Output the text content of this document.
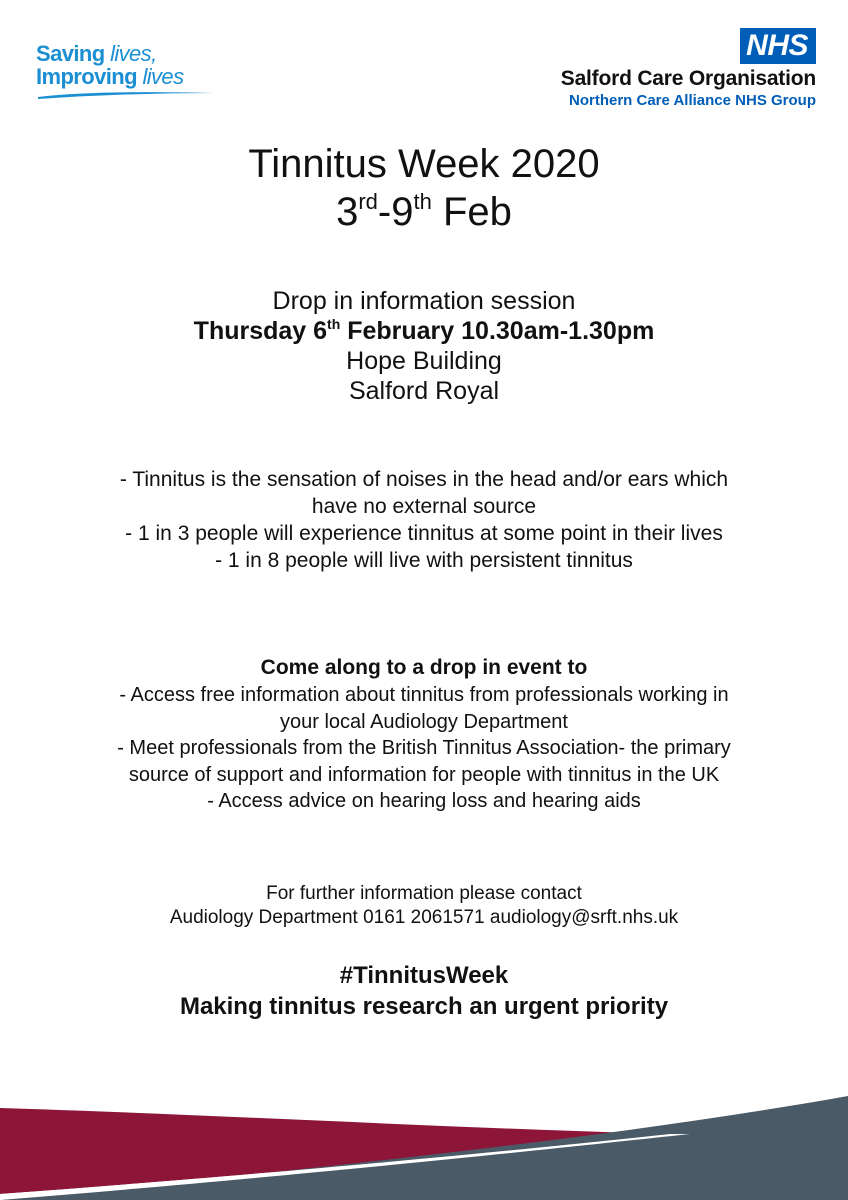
Saving lives,
Improving lives
NHS
Salford Care Organisation
Northern Care Alliance NHS Group
Tinnitus Week 2020
3rd-9th Feb
Drop in information session
Thursday 6th February 10.30am-1.30pm
Hope Building
Salford Royal
- Tinnitus is the sensation of noises in the head and/or ears which have no external source
- 1 in 3 people will experience tinnitus at some point in their lives
- 1 in 8 people will live with persistent tinnitus
Come along to a drop in event to
- Access free information about tinnitus from professionals working in your local Audiology Department
- Meet professionals from the British Tinnitus Association- the primary source of support and information for people with tinnitus in the UK
- Access advice on hearing loss and hearing aids
For further information please contact
Audiology Department 0161 2061571 audiology@srft.nhs.uk
#TinnitusWeek
Making tinnitus research an urgent priority
